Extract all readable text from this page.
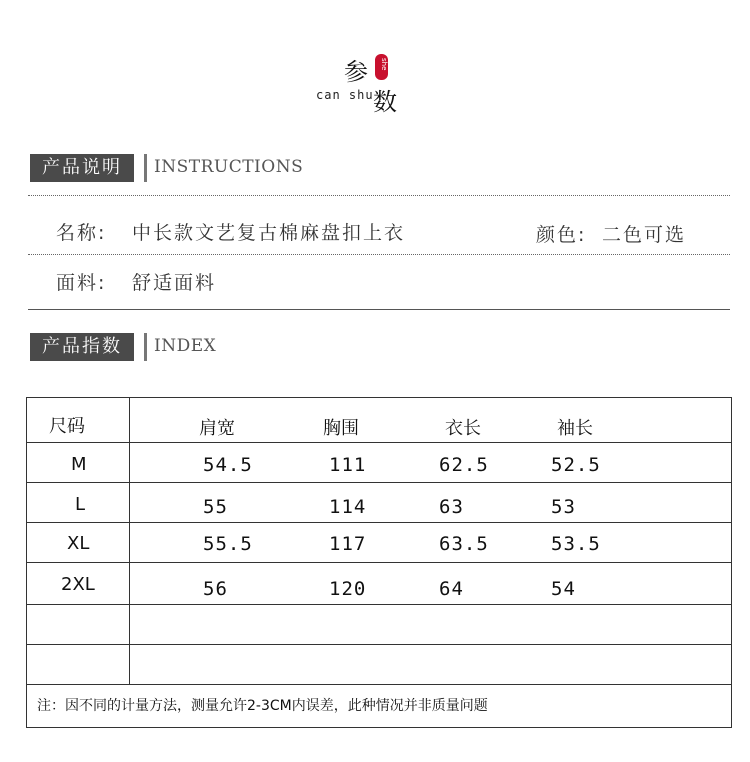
参	she
can shu 数
产品说明	INSTRUCTIONS
名称: 中长款文艺复古棉麻盘扣上衣	颜色: 二色可选
面料: 舒适面料
产品指数	INDEX
尺码	肩宽	胸围	衣长	袖长
M	54.5	111	62.5	52.5
L	55	114	63	53
XL	55.5	117	63.5	53.5
2XL	56	120	64	54
注：因不同的计量方法，测量允许2-3CM内误差，此种情况并非质量问题
